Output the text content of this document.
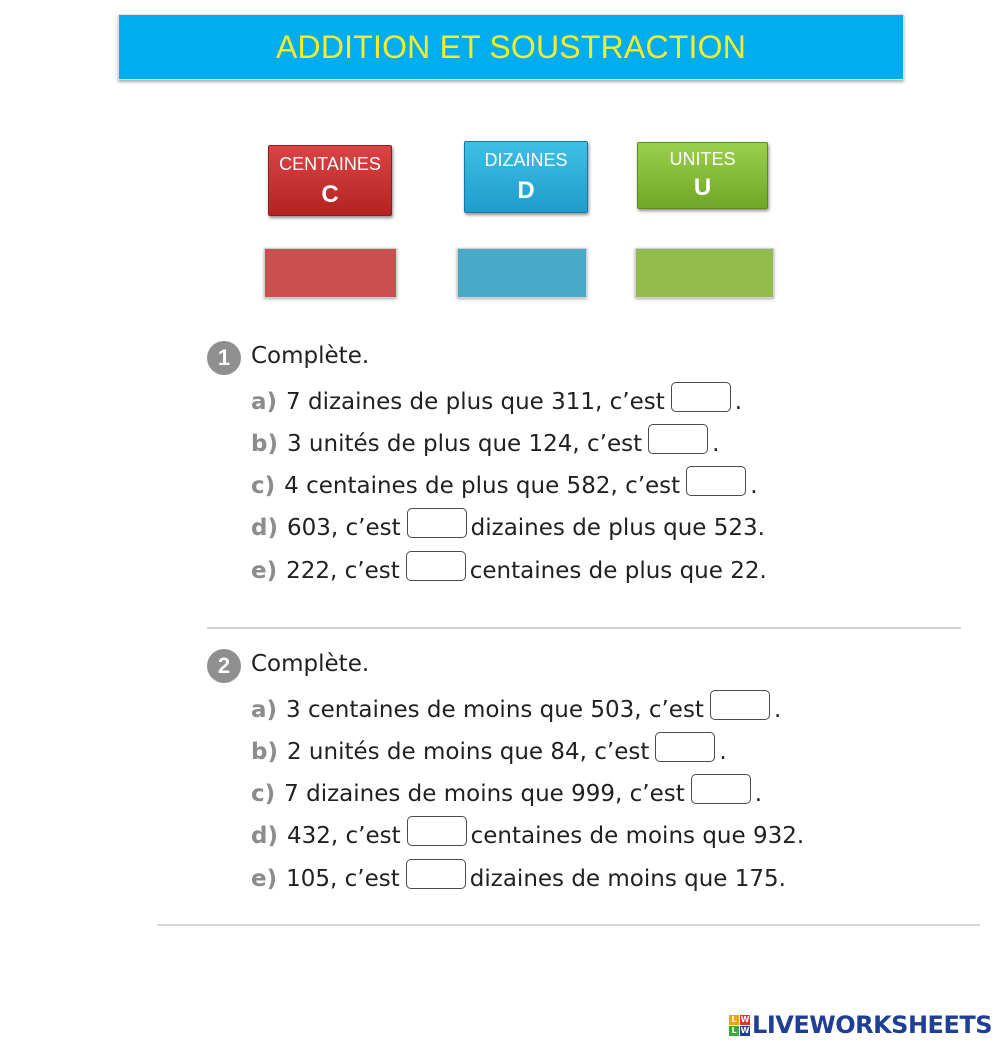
ADDITION ET SOUSTRACTION
CENTAINES
C
DIZAINES
D
UNITES
U
1 Complète.
a) 7 dizaines de plus que 311, c’est	.
b) 3 unités de plus que 124, c’est	.
c) 4 centaines de plus que 582, c’est	.
d) 603, c’est	dizaines de plus que 523.
e) 222, c’est	centaines de plus que 22.
2 Complète.
a) 3 centaines de moins que 503, c’est	.
b) 2 unités de moins que 84, c’est	.
c) 7 dizaines de moins que 999, c’est	.
d) 432, c’est	centaines de moins que 932.
e) 105, c’est	dizaines de moins que 175.
L W
L W LIVEWORKSHEETS
